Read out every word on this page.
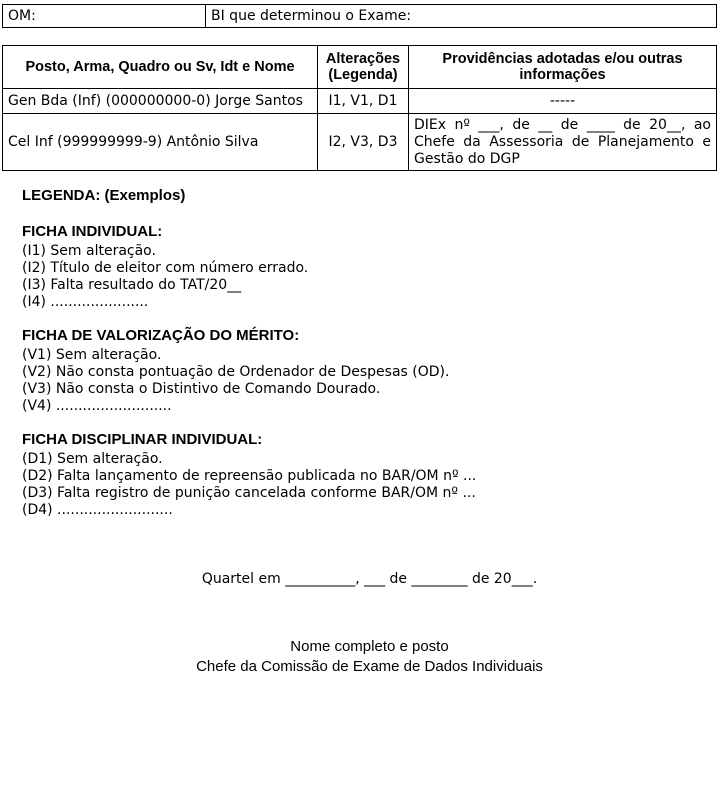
OM:	BI que determinou o Exame:
Posto, Arma, Quadro ou Sv, Idt e Nome	Alterações (Legenda)	Providências adotadas e/ou outras informações
Gen Bda (Inf) (000000000-0) Jorge Santos	I1, V1, D1	-----
Cel Inf (999999999-9) Antônio Silva	I2, V3, D3	DIEx nº ___, de __ de ____ de 20__, ao Chefe da Assessoria de Planejamento e Gestão do DGP

LEGENDA: (Exemplos)

FICHA INDIVIDUAL:

(I1) Sem alteração.
(I2) Título de eleitor com número errado.
(I3) Falta resultado do TAT/20__
(I4) ......................

FICHA DE VALORIZAÇÃO DO MÉRITO:

(V1) Sem alteração.
(V2) Não consta pontuação de Ordenador de Despesas (OD).
(V3) Não consta o Distintivo de Comando Dourado.
(V4) ..........................

FICHA DISCIPLINAR INDIVIDUAL:

(D1) Sem alteração.
(D2) Falta lançamento de repreensão publicada no BAR/OM nº ...
(D3) Falta registro de punição cancelada conforme BAR/OM nº ...
(D4) ..........................
Quartel em __________, ___ de ________ de 20___.
Nome completo e posto
Chefe da Comissão de Exame de Dados Individuais
